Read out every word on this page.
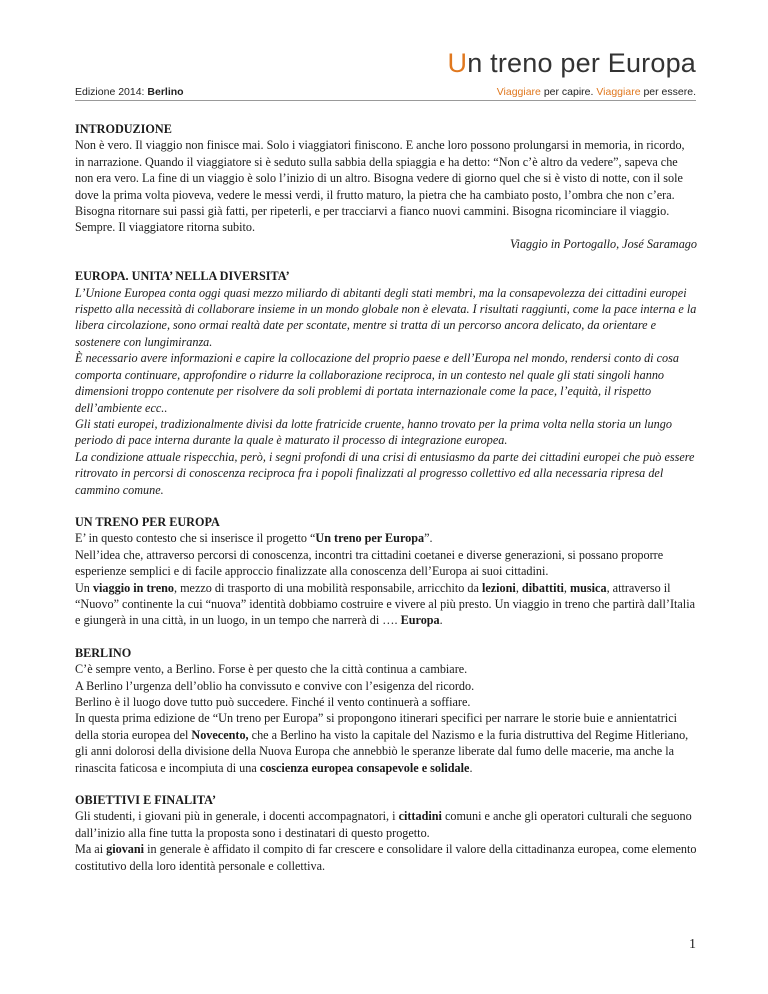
Un treno per Europa
Edizione 2014: Berlino	Viaggiare per capire. Viaggiare per essere.

INTRODUZIONE

Non è vero. Il viaggio non finisce mai. Solo i viaggiatori finiscono. E anche loro possono prolungarsi in memoria, in ricordo, in narrazione. Quando il viaggiatore si è seduto sulla sabbia della spiaggia e ha detto: “Non c’è altro da vedere”, sapeva che non era vero. La fine di un viaggio è solo l’inizio di un altro. Bisogna vedere di giorno quel che si è visto di notte, con il sole dove la prima volta pioveva, vedere le messi verdi, il frutto maturo, la pietra che ha cambiato posto, l’ombra che non c’era. Bisogna ritornare sui passi già fatti, per ripeterli, e per tracciarvi a fianco nuovi cammini. Bisogna ricominciare il viaggio. Sempre. Il viaggiatore ritorna subito.

Viaggio in Portogallo, José Saramago

EUROPA. UNITA’ NELLA DIVERSITA’

L’Unione Europea conta oggi quasi mezzo miliardo di abitanti degli stati membri, ma la consapevolezza dei cittadini europei rispetto alla necessità di collaborare insieme in un mondo globale non è elevata. I risultati raggiunti, come la pace interna e la libera circolazione, sono ormai realtà date per scontate, mentre si tratta di un percorso ancora delicato, da orientare e sostenere con lungimiranza.

È necessario avere informazioni e capire la collocazione del proprio paese e dell’Europa nel mondo, rendersi conto di cosa comporta continuare, approfondire o ridurre la collaborazione reciproca, in un contesto nel quale gli stati singoli hanno dimensioni troppo contenute per risolvere da soli problemi di portata internazionale come la pace, l’equità, il rispetto dell’ambiente ecc..

Gli stati europei, tradizionalmente divisi da lotte fratricide cruente, hanno trovato per la prima volta nella storia un lungo periodo di pace interna durante la quale è maturato il processo di integrazione europea.

La condizione attuale rispecchia, però, i segni profondi di una crisi di entusiasmo da parte dei cittadini europei che può essere ritrovato in percorsi di conoscenza reciproca fra i popoli finalizzati al progresso collettivo ed alla necessaria ripresa del cammino comune.

UN TRENO PER EUROPA

E’ in questo contesto che si inserisce il progetto “Un treno per Europa”.

Nell’idea che, attraverso percorsi di conoscenza, incontri tra cittadini coetanei e diverse generazioni, si possano proporre esperienze semplici e di facile approccio finalizzate alla conoscenza dell’Europa ai suoi cittadini.

Un viaggio in treno, mezzo di trasporto di una mobilità responsabile, arricchito da lezioni, dibattiti, musica, attraverso il “Nuovo” continente la cui “nuova” identità dobbiamo costruire e vivere al più presto. Un viaggio in treno che partirà dall’Italia e giungerà in una città, in un luogo, in un tempo che narrerà di …. Europa.

BERLINO

C’è sempre vento, a Berlino. Forse è per questo che la città continua a cambiare.

A Berlino l’urgenza dell’oblio ha convissuto e convive con l’esigenza del ricordo.

Berlino è il luogo dove tutto può succedere. Finché il vento continuerà a soffiare.

In questa prima edizione de “Un treno per Europa” si propongono itinerari specifici per narrare le storie buie e annientatrici della storia europea del Novecento, che a Berlino ha visto la capitale del Nazismo e la furia distruttiva del Regime Hitleriano, gli anni dolorosi della divisione della Nuova Europa che annebbiò le speranze liberate dal fumo delle macerie, ma anche la rinascita faticosa e incompiuta di una coscienza europea consapevole e solidale.

OBIETTIVI E FINALITA’

Gli studenti, i giovani più in generale, i docenti accompagnatori, i cittadini comuni e anche gli operatori culturali che seguono dall’inizio alla fine tutta la proposta sono i destinatari di questo progetto.

Ma ai giovani in generale è affidato il compito di far crescere e consolidare il valore della cittadinanza europea, come elemento costitutivo della loro identità personale e collettiva.

1
